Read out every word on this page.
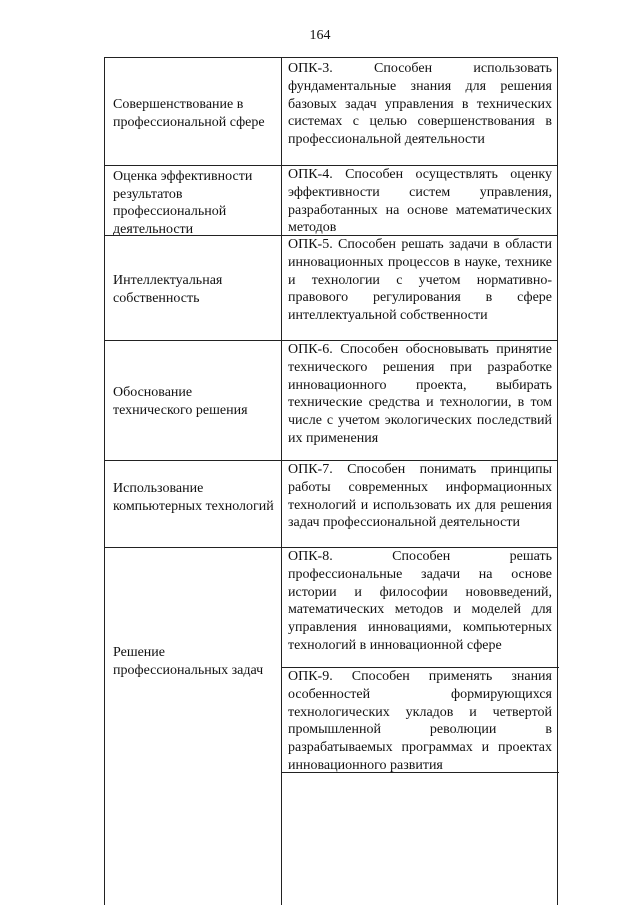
164
Совершенствование в профессиональной сфере
ОПК-3. Способен использовать фундаментальные знания для решения базовых задач управления в технических системах с целью совершенствования в профессиональной деятельности
Оценка эффективности результатов профессиональной деятельности
ОПК-4. Способен осуществлять оценку эффективности систем управления, разработанных на основе математических методов
Интеллектуальная собственность
ОПК-5. Способен решать задачи в области инновационных процессов в науке, технике и технологии с учетом нормативно-правового регулирования в сфере интеллектуальной собственности
Обоснование технического решения
ОПК-6. Способен обосновывать принятие технического решения при разработке инновационного проекта, выбирать технические средства и технологии, в том числе с учетом экологических последствий их применения
Использование компьютерных технологий
ОПК-7. Способен понимать принципы работы современных информационных технологий и использовать их для решения задач профессиональной деятельности
Решение профессиональных задач
ОПК-8. Способен решать профессиональные задачи на основе истории и философии нововведений, математических методов и моделей для управления инновациями, компьютерных технологий в инновационной сфере
ОПК-9. Способен применять знания особенностей формирующихся технологических укладов и четвертой промышленной революции в разрабатываемых программах и проектах инновационного развития
